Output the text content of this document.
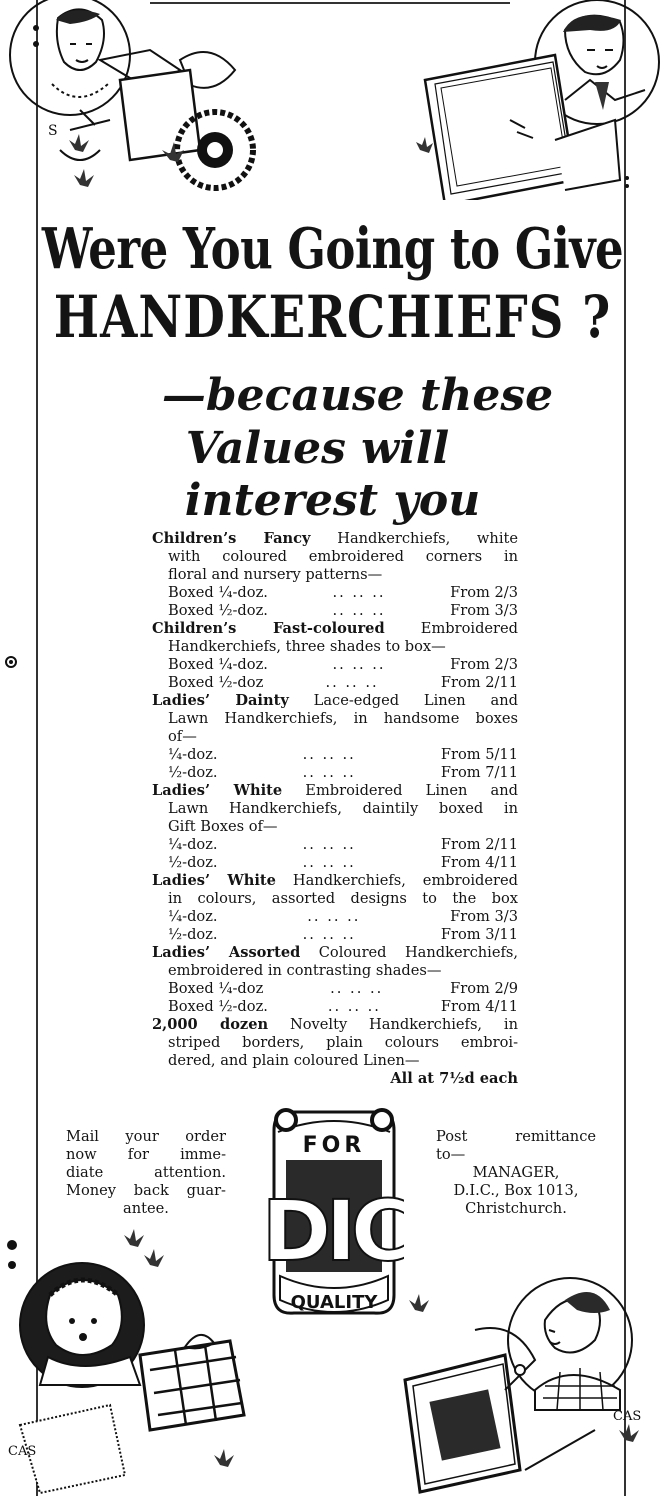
S
Were You Going to Give
HANDKERCHIEFS ?
—because these
Values will
interest you
Children’s Fancy Handkerchiefs, white
with coloured embroidered corners in
floral and nursery patterns—
Boxed ¼-doz.	.. .. ..	From 2/3
Boxed ½-doz.	.. .. ..	From 3/3
Children’s Fast-coloured Embroidered
Handkerchiefs, three shades to box—
Boxed ¼-doz.	.. .. ..	From 2/3
Boxed ½-doz	.. .. ..	From 2/11
Ladies’ Dainty Lace-edged Linen and
Lawn Handkerchiefs, in handsome boxes
of—
¼-doz.	.. .. ..	From 5/11
½-doz.	.. .. ..	From 7/11
Ladies’ White Embroidered Linen and
Lawn Handkerchiefs, daintily boxed in
Gift Boxes of—
¼-doz.	.. .. ..	From 2/11
½-doz.	.. .. ..	From 4/11
Ladies’ White Handkerchiefs, embroidered
in colours, assorted designs to the box
¼-doz.	.. .. ..	From 3/3
½-doz.	.. .. ..	From 3/11
Ladies’ Assorted Coloured Handkerchiefs,
embroidered in contrasting shades—
Boxed ¼-doz	.. .. ..	From 2/9
Boxed ½-doz.	.. .. ..	From 4/11
2,000 dozen Novelty Handkerchiefs, in
striped borders, plain colours embroi-
dered, and plain coloured Linen—
All at 7½d each
Mail your order
now for imme-
diate attention.
Money back guar-
antee.
Post remittance
to—
MANAGER,
D.I.C., Box 1013,
Christchurch.
FOR
DIC
QUALITY
CAS
CAS
